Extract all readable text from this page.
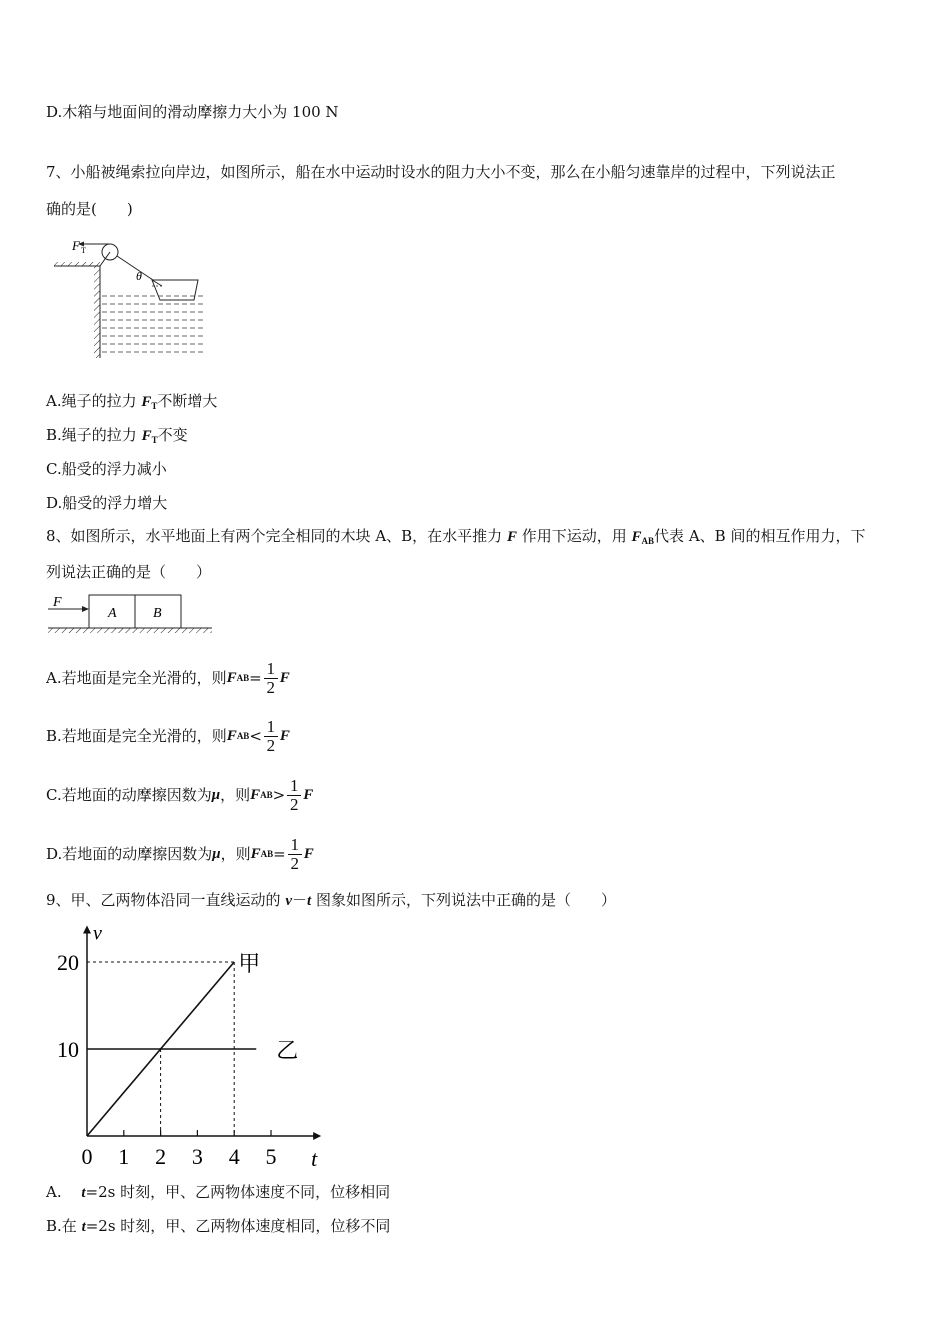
D.木箱与地面间的滑动摩擦力大小为 100 N
7、小船被绳索拉向岸边，如图所示，船在水中运动时设水的阻力大小不变，那么在小船匀速靠岸的过程中，下列说法正
确的是(　　)
F T
θ
A.绳子的拉力 $F_T$不断增大
B.绳子的拉力 $F_T$不变
C.船受的浮力减小
D.船受的浮力增大
8、如图所示，水平地面上有两个完全相同的木块 A、B，在水平推力 F 作用下运动，用 $F_{AB}$代表 A、B 间的相互作用力，下
列说法正确的是（　　）
A	B
F
A.若地面是完全光滑的，则 F AB = $\frac{1}{2}$ F
B.若地面是完全光滑的，则 F AB < $\frac{1}{2}$ F
C.若地面的动摩擦因数为 μ ，则 F AB > $\frac{1}{2}$ F
D.若地面的动摩擦因数为 μ ，则 F AB = $\frac{1}{2}$ F
9、甲、乙两物体沿同一直线运动的 v－t 图象如图所示，下列说法中正确的是（　　）
v
t
0 1 2 3 4 5
10
20	甲
乙
A.　 t=2s 时刻，甲、乙两物体速度不同，位移相同
B.在 t=2s 时刻，甲、乙两物体速度相同，位移不同
